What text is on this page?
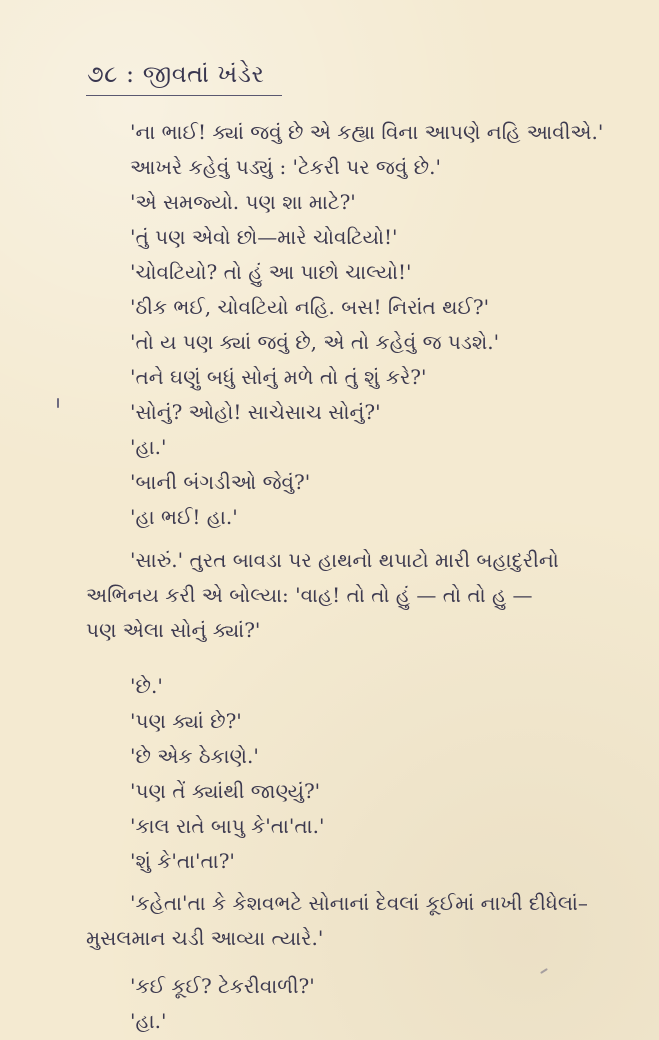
૭૮ : જીવતાં ખંડેર
'ના ભાઈ! ક્યાં જવું છે એ કહ્યા વિના આપણે નહિ આવીએ.'
આખરે કહેવું પડ્યું : 'ટેકરી પર જવું છે.'
'એ સમજ્યો. પણ શા માટે?'
'તું પણ એવો છો—મારે ચોવટિયો!'
'ચોવટિયો? તો હું આ પાછો ચાલ્યો!'
'ઠીક ભઈ, ચોવટિયો નહિ. બસ! નિરાંત થઈ?'
'તો ય પણ ક્યાં જવું છે, એ તો કહેવું જ પડશે.'
'તને ઘણું બધું સોનું મળે તો તું શું કરે?'
'સોનું? ઓહો! સાચેસાચ સોનું?'
'હા.'
'બાની બંગડીઓ જેવું?'
'હા ભઈ! હા.'
'સારું.' તુરત બાવડા પર હાથનો થપાટો મારી બહાદુરીનો
અભિનય કરી એ બોલ્યા: 'વાહ! તો તો હું — તો તો હુ —
પણ એલા સોનું ક્યાં?'
'છે.'
'પણ ક્યાં છે?'
'છે એક ઠેકાણે.'
'પણ તેં ક્યાંથી જાણ્યું?'
'કાલ રાતે બાપુ કે'તા'તા.'
'શું કે'તા'તા?'
'કહેતા'તા કે કેશવભટે સોનાનાં દેવલાં કૂઈમાં નાખી દીધેલાં–
મુસલમાન ચડી આવ્યા ત્યારે.'
'કઈ કૂઈ? ટેકરીવાળી?'
'હા.'
